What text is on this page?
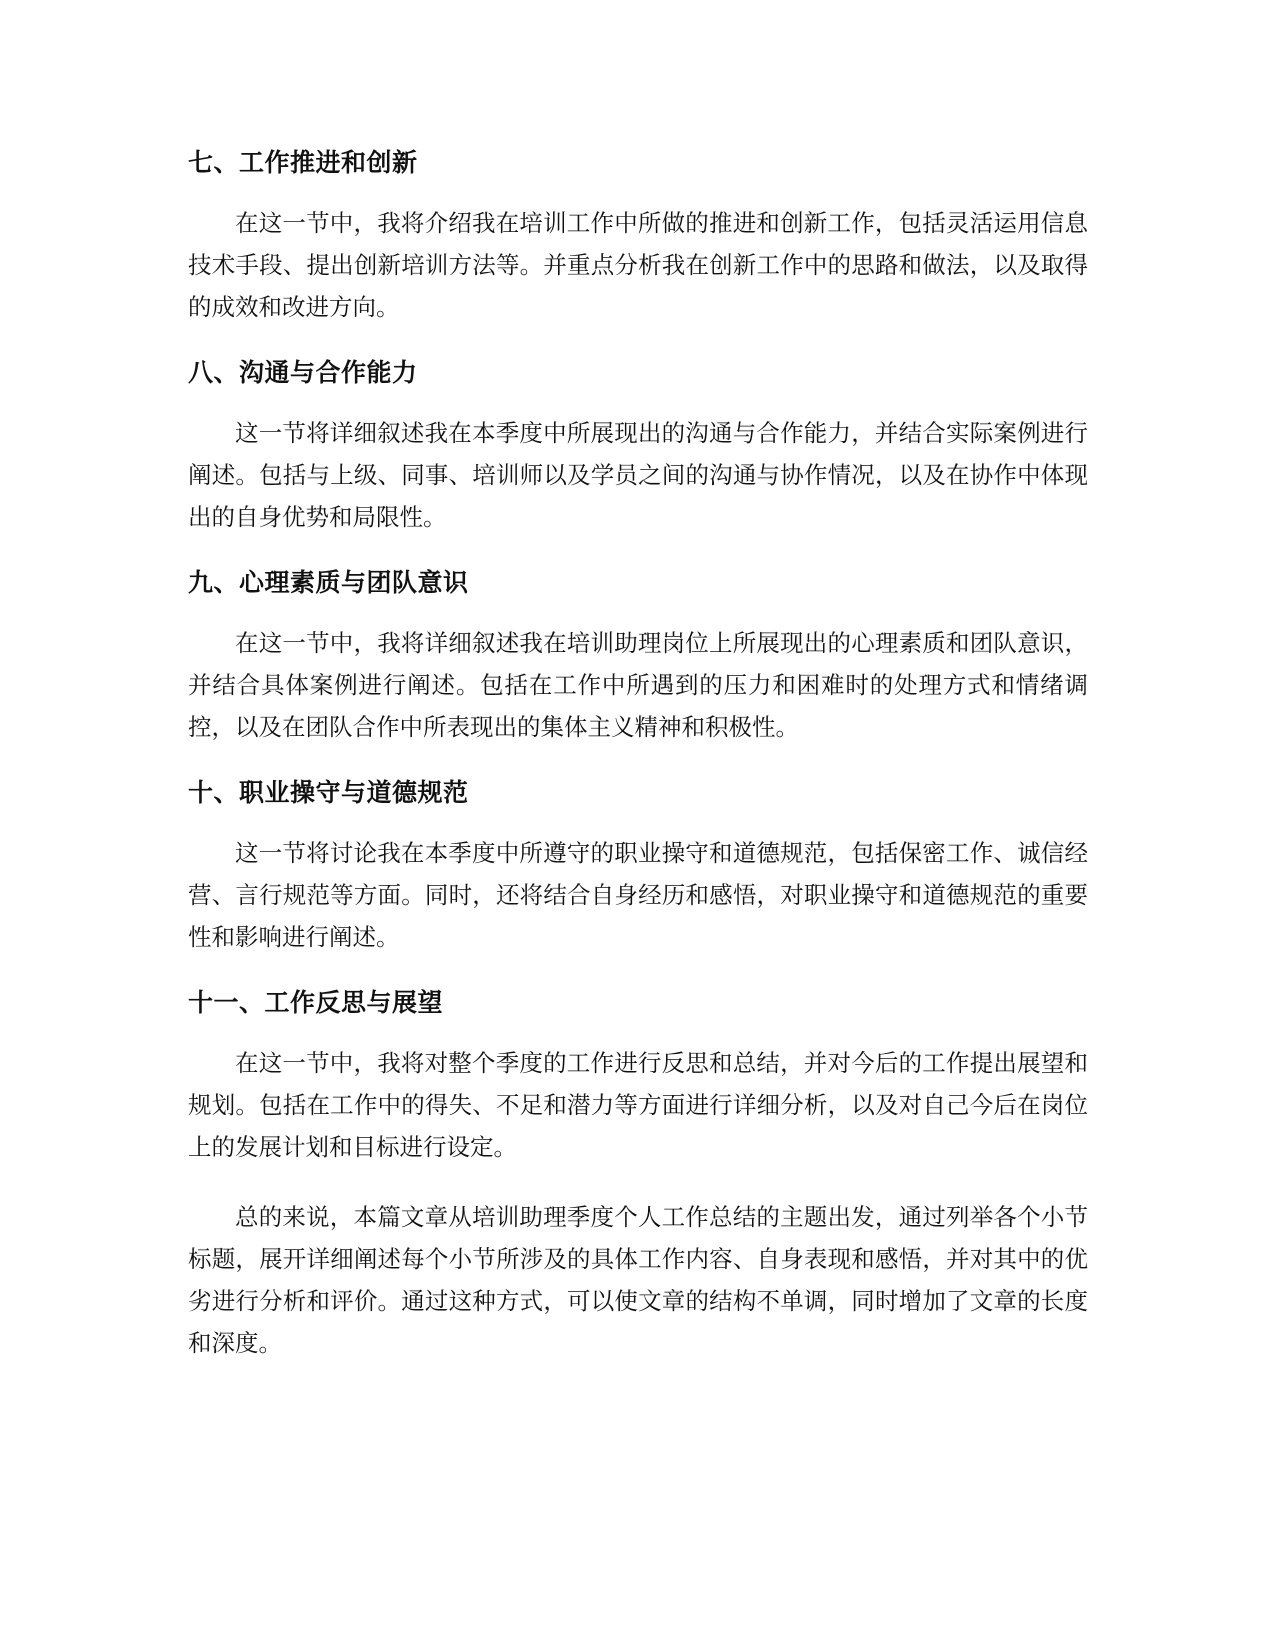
七、工作推进和创新

在这一节中，我将介绍我在培训工作中所做的推进和创新工作，包括灵活运用信息技术手段、提出创新培训方法等。并重点分析我在创新工作中的思路和做法，以及取得的成效和改进方向。

八、沟通与合作能力

这一节将详细叙述我在本季度中所展现出的沟通与合作能力，并结合实际案例进行阐述。包括与上级、同事、培训师以及学员之间的沟通与协作情况，以及在协作中体现出的自身优势和局限性。

九、心理素质与团队意识

在这一节中，我将详细叙述我在培训助理岗位上所展现出的心理素质和团队意识，并结合具体案例进行阐述。包括在工作中所遇到的压力和困难时的处理方式和情绪调控，以及在团队合作中所表现出的集体主义精神和积极性。

十、职业操守与道德规范

这一节将讨论我在本季度中所遵守的职业操守和道德规范，包括保密工作、诚信经营、言行规范等方面。同时，还将结合自身经历和感悟，对职业操守和道德规范的重要性和影响进行阐述。

十一、工作反思与展望

在这一节中，我将对整个季度的工作进行反思和总结，并对今后的工作提出展望和规划。包括在工作中的得失、不足和潜力等方面进行详细分析，以及对自己今后在岗位上的发展计划和目标进行设定。

总的来说，本篇文章从培训助理季度个人工作总结的主题出发，通过列举各个小节标题，展开详细阐述每个小节所涉及的具体工作内容、自身表现和感悟，并对其中的优劣进行分析和评价。通过这种方式，可以使文章的结构不单调，同时增加了文章的长度和深度。
